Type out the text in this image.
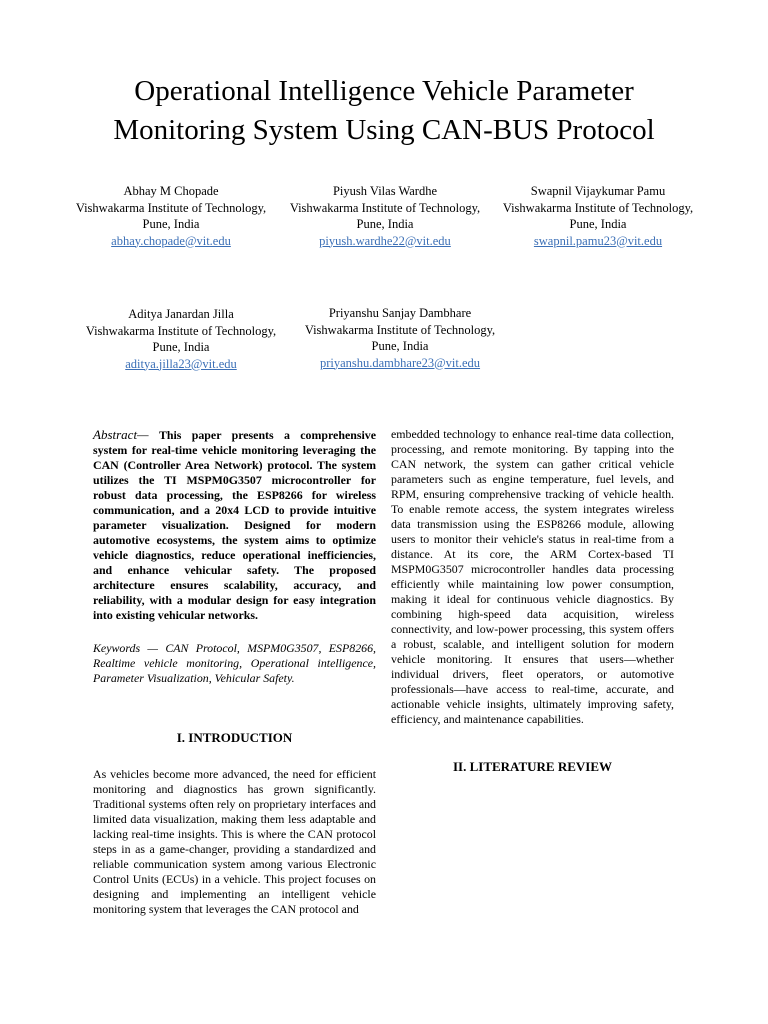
Operational Intelligence Vehicle Parameter
Monitoring System Using CAN-BUS Protocol
Abhay M Chopade
Vishwakarma Institute of Technology,
Pune, India
abhay.chopade@vit.edu
Piyush Vilas Wardhe
Vishwakarma Institute of Technology,
Pune, India
piyush.wardhe22@vit.edu
Swapnil Vijaykumar Pamu
Vishwakarma Institute of Technology,
Pune, India
swapnil.pamu23@vit.edu
Aditya Janardan Jilla
Vishwakarma Institute of Technology,
Pune, India
aditya.jilla23@vit.edu
Priyanshu Sanjay Dambhare
Vishwakarma Institute of Technology,
Pune, India
priyanshu.dambhare23@vit.edu

Abstract— This paper presents a comprehensive system for real-time vehicle monitoring leveraging the CAN (Controller Area Network) protocol. The system utilizes the TI MSPM0G3507 microcontroller for robust data processing, the ESP8266 for wireless communication, and a 20x4 LCD to provide intuitive parameter visualization. Designed for modern automotive ecosystems, the system aims to optimize vehicle diagnostics, reduce operational inefficiencies, and enhance vehicular safety. The proposed architecture ensures scalability, accuracy, and reliability, with a modular design for easy integration into existing vehicular networks.

Keywords — CAN Protocol, MSPM0G3507, ESP8266, Realtime vehicle monitoring, Operational intelligence, Parameter Visualization, Vehicular Safety.

I. INTRODUCTION

As vehicles become more advanced, the need for efficient monitoring and diagnostics has grown significantly. Traditional systems often rely on proprietary interfaces and limited data visualization, making them less adaptable and lacking real-time insights. This is where the CAN protocol steps in as a game-changer, providing a standardized and reliable communication system among various Electronic Control Units (ECUs) in a vehicle. This project focuses on designing and implementing an intelligent vehicle monitoring system that leverages the CAN protocol and

embedded technology to enhance real-time data collection, processing, and remote monitoring. By tapping into the CAN network, the system can gather critical vehicle parameters such as engine temperature, fuel levels, and RPM, ensuring comprehensive tracking of vehicle health. To enable remote access, the system integrates wireless data transmission using the ESP8266 module, allowing users to monitor their vehicle's status in real-time from a distance. At its core, the ARM Cortex-based TI MSPM0G3507 microcontroller handles data processing efficiently while maintaining low power consumption, making it ideal for continuous vehicle diagnostics. By combining high-speed data acquisition, wireless connectivity, and low-power processing, this system offers a robust, scalable, and intelligent solution for modern vehicle monitoring. It ensures that users—whether individual drivers, fleet operators, or automotive professionals—have access to real-time, accurate, and actionable vehicle insights, ultimately improving safety, efficiency, and maintenance capabilities.

II. LITERATURE REVIEW
